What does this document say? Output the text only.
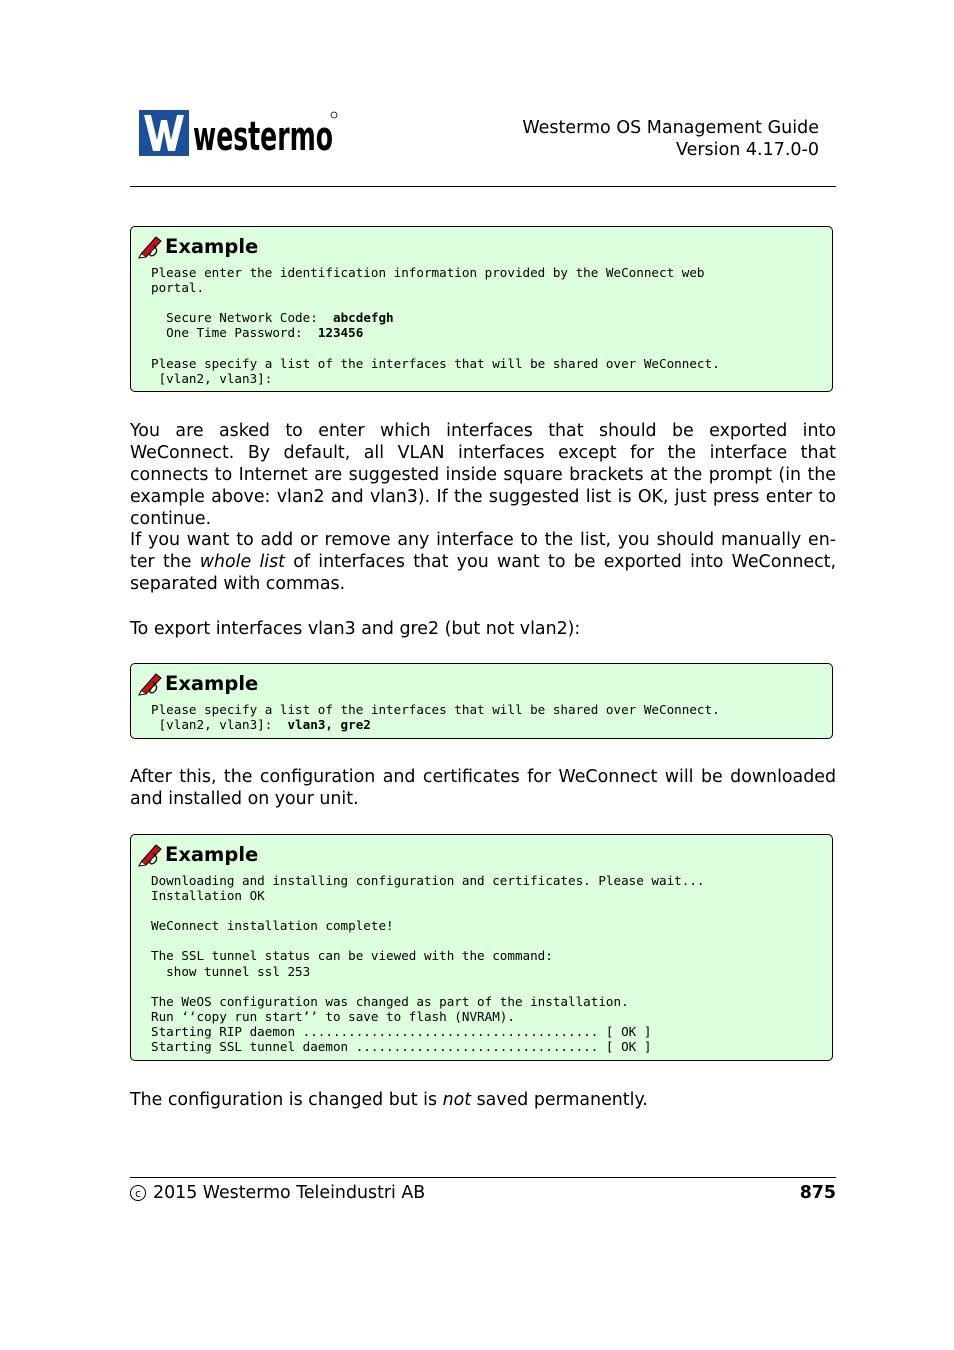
westermo	Westermo OS Management Guide
Version 4.17.0-0
Example
Please enter the identification information provided by the WeConnect web
portal.

Secure Network Code:  abcdefgh
One Time Password:  123456

Please specify a list of the interfaces that will be shared over WeConnect.
[vlan2, vlan3]:

You are asked to enter which interfaces that should be exported into WeConnect. By default, all VLAN interfaces except for the interface that connects to Internet are suggested inside square brackets at the prompt (in the example above: vlan2 and vlan3). If the suggested list is OK, just press enter to continue.

If you want to add or remove any interface to the list, you should manually en-ter the whole list of interfaces that you want to be exported into WeConnect, separated with commas.

To export interfaces vlan3 and gre2 (but not vlan2):

Example
Please specify a list of the interfaces that will be shared over WeConnect.
[vlan2, vlan3]:  vlan3, gre2

After this, the configuration and certificates for WeConnect will be downloaded and installed on your unit.

Example
Downloading and installing configuration and certificates. Please wait...
Installation OK

WeConnect installation complete!

The SSL tunnel status can be viewed with the command:
show tunnel ssl 253

The WeOS configuration was changed as part of the installation.
Run ‘‘copy run start’’ to save to flash (NVRAM).
Starting RIP daemon ....................................... [ OK ]
Starting SSL tunnel daemon ................................ [ OK ]

The configuration is changed but is not saved permanently.

c 2015 Westermo Teleindustri AB	875
